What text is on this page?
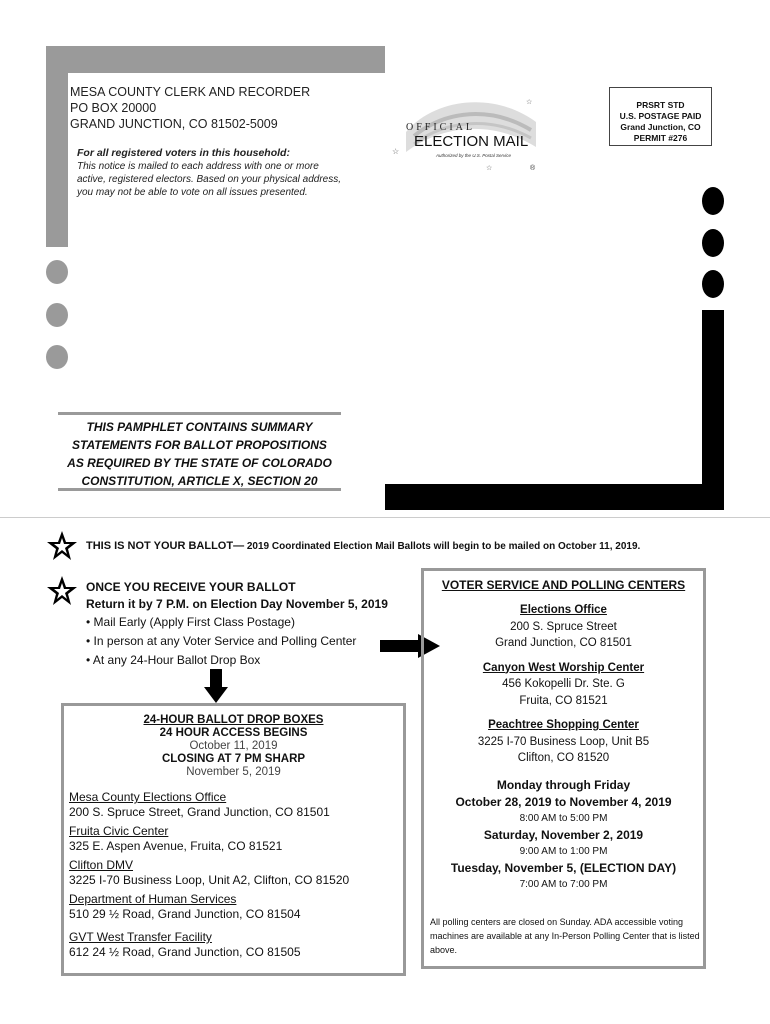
MESA COUNTY CLERK AND RECORDER
PO BOX 20000
GRAND JUNCTION, CO 81502-5009
For all registered voters in this household:
This notice is mailed to each address with one or more active, registered electors. Based on your physical address, you may not be able to vote on all issues presented.
OFFICIAL
ELECTION MAIL
Authorized by the U.S. Postal Service
®
☆
☆
☆	PRSRT STD
U.S. POSTAGE PAID
Grand Junction, CO
PERMIT #276
THIS PAMPHLET CONTAINS SUMMARY
STATEMENTS FOR BALLOT PROPOSITIONS
AS REQUIRED BY THE STATE OF COLORADO
CONSTITUTION, ARTICLE X, SECTION 20
THIS IS NOT YOUR BALLOT— 2019 Coordinated Election Mail Ballots will begin to be mailed on October 11, 2019.
ONCE YOU RECEIVE YOUR BALLOT
Return it by 7 P.M. on Election Day November 5, 2019
• Mail Early (Apply First Class Postage)
• In person at any Voter Service and Polling Center
• At any 24-Hour Ballot Drop Box
24-HOUR BALLOT DROP BOXES
24 HOUR ACCESS BEGINS
October 11, 2019
CLOSING AT 7 PM SHARP
November 5, 2019
Mesa County Elections Office
200 S. Spruce Street, Grand Junction, CO 81501
Fruita Civic Center
325 E. Aspen Avenue, Fruita, CO 81521
Clifton DMV
3225 I-70 Business Loop, Unit A2, Clifton, CO 81520
Department of Human Services
510 29 ½ Road, Grand Junction, CO 81504
GVT West Transfer Facility
612 24 ½ Road, Grand Junction, CO 81505
VOTER SERVICE AND POLLING CENTERS
Elections Office
200 S. Spruce Street
Grand Junction, CO 81501
Canyon West Worship Center
456 Kokopelli Dr. Ste. G
Fruita, CO 81521
Peachtree Shopping Center
3225 I-70 Business Loop, Unit B5
Clifton, CO 81520
Monday through Friday
October 28, 2019 to November 4, 2019
8:00 AM to 5:00 PM
Saturday, November 2, 2019
9:00 AM to 1:00 PM
Tuesday, November 5, (ELECTION DAY)
7:00 AM to 7:00 PM
All polling centers are closed on Sunday. ADA accessible voting machines are available at any In-Person Polling Center that is listed above.
